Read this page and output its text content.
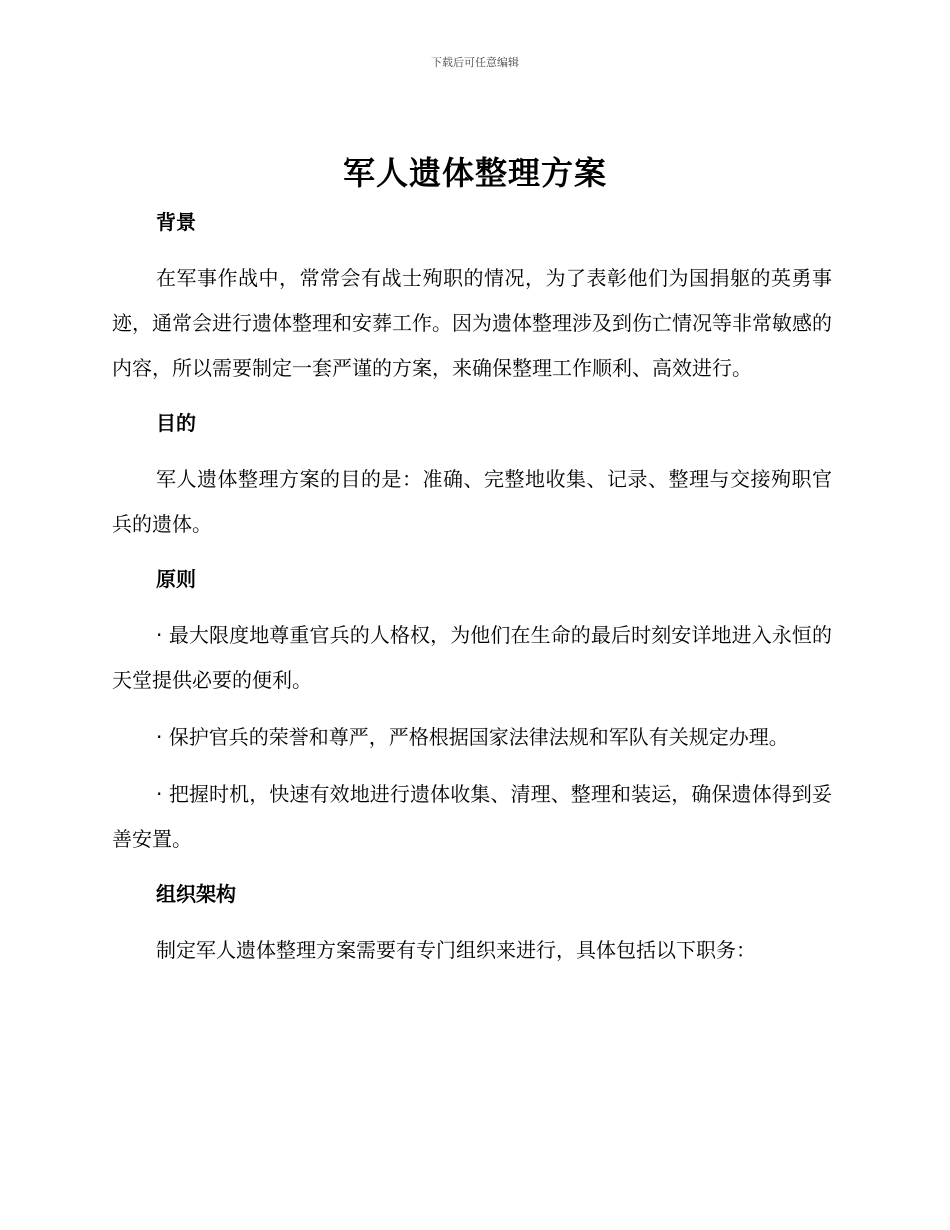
下载后可任意编辑
军人遗体整理方案
背景

在军事作战中，常常会有战士殉职的情况，为了表彰他们为国捐躯的英勇事迹，通常会进行遗体整理和安葬工作。因为遗体整理涉及到伤亡情况等非常敏感的内容，所以需要制定一套严谨的方案，来确保整理工作顺利、高效进行。

目的

军人遗体整理方案的目的是：准确、完整地收集、记录、整理与交接殉职官兵的遗体。

原则

· 最大限度地尊重官兵的人格权，为他们在生命的最后时刻安详地进入永恒的天堂提供必要的便利。

· 保护官兵的荣誉和尊严，严格根据国家法律法规和军队有关规定办理。

· 把握时机，快速有效地进行遗体收集、清理、整理和装运，确保遗体得到妥善安置。

组织架构

制定军人遗体整理方案需要有专门组织来进行，具体包括以下职务：
